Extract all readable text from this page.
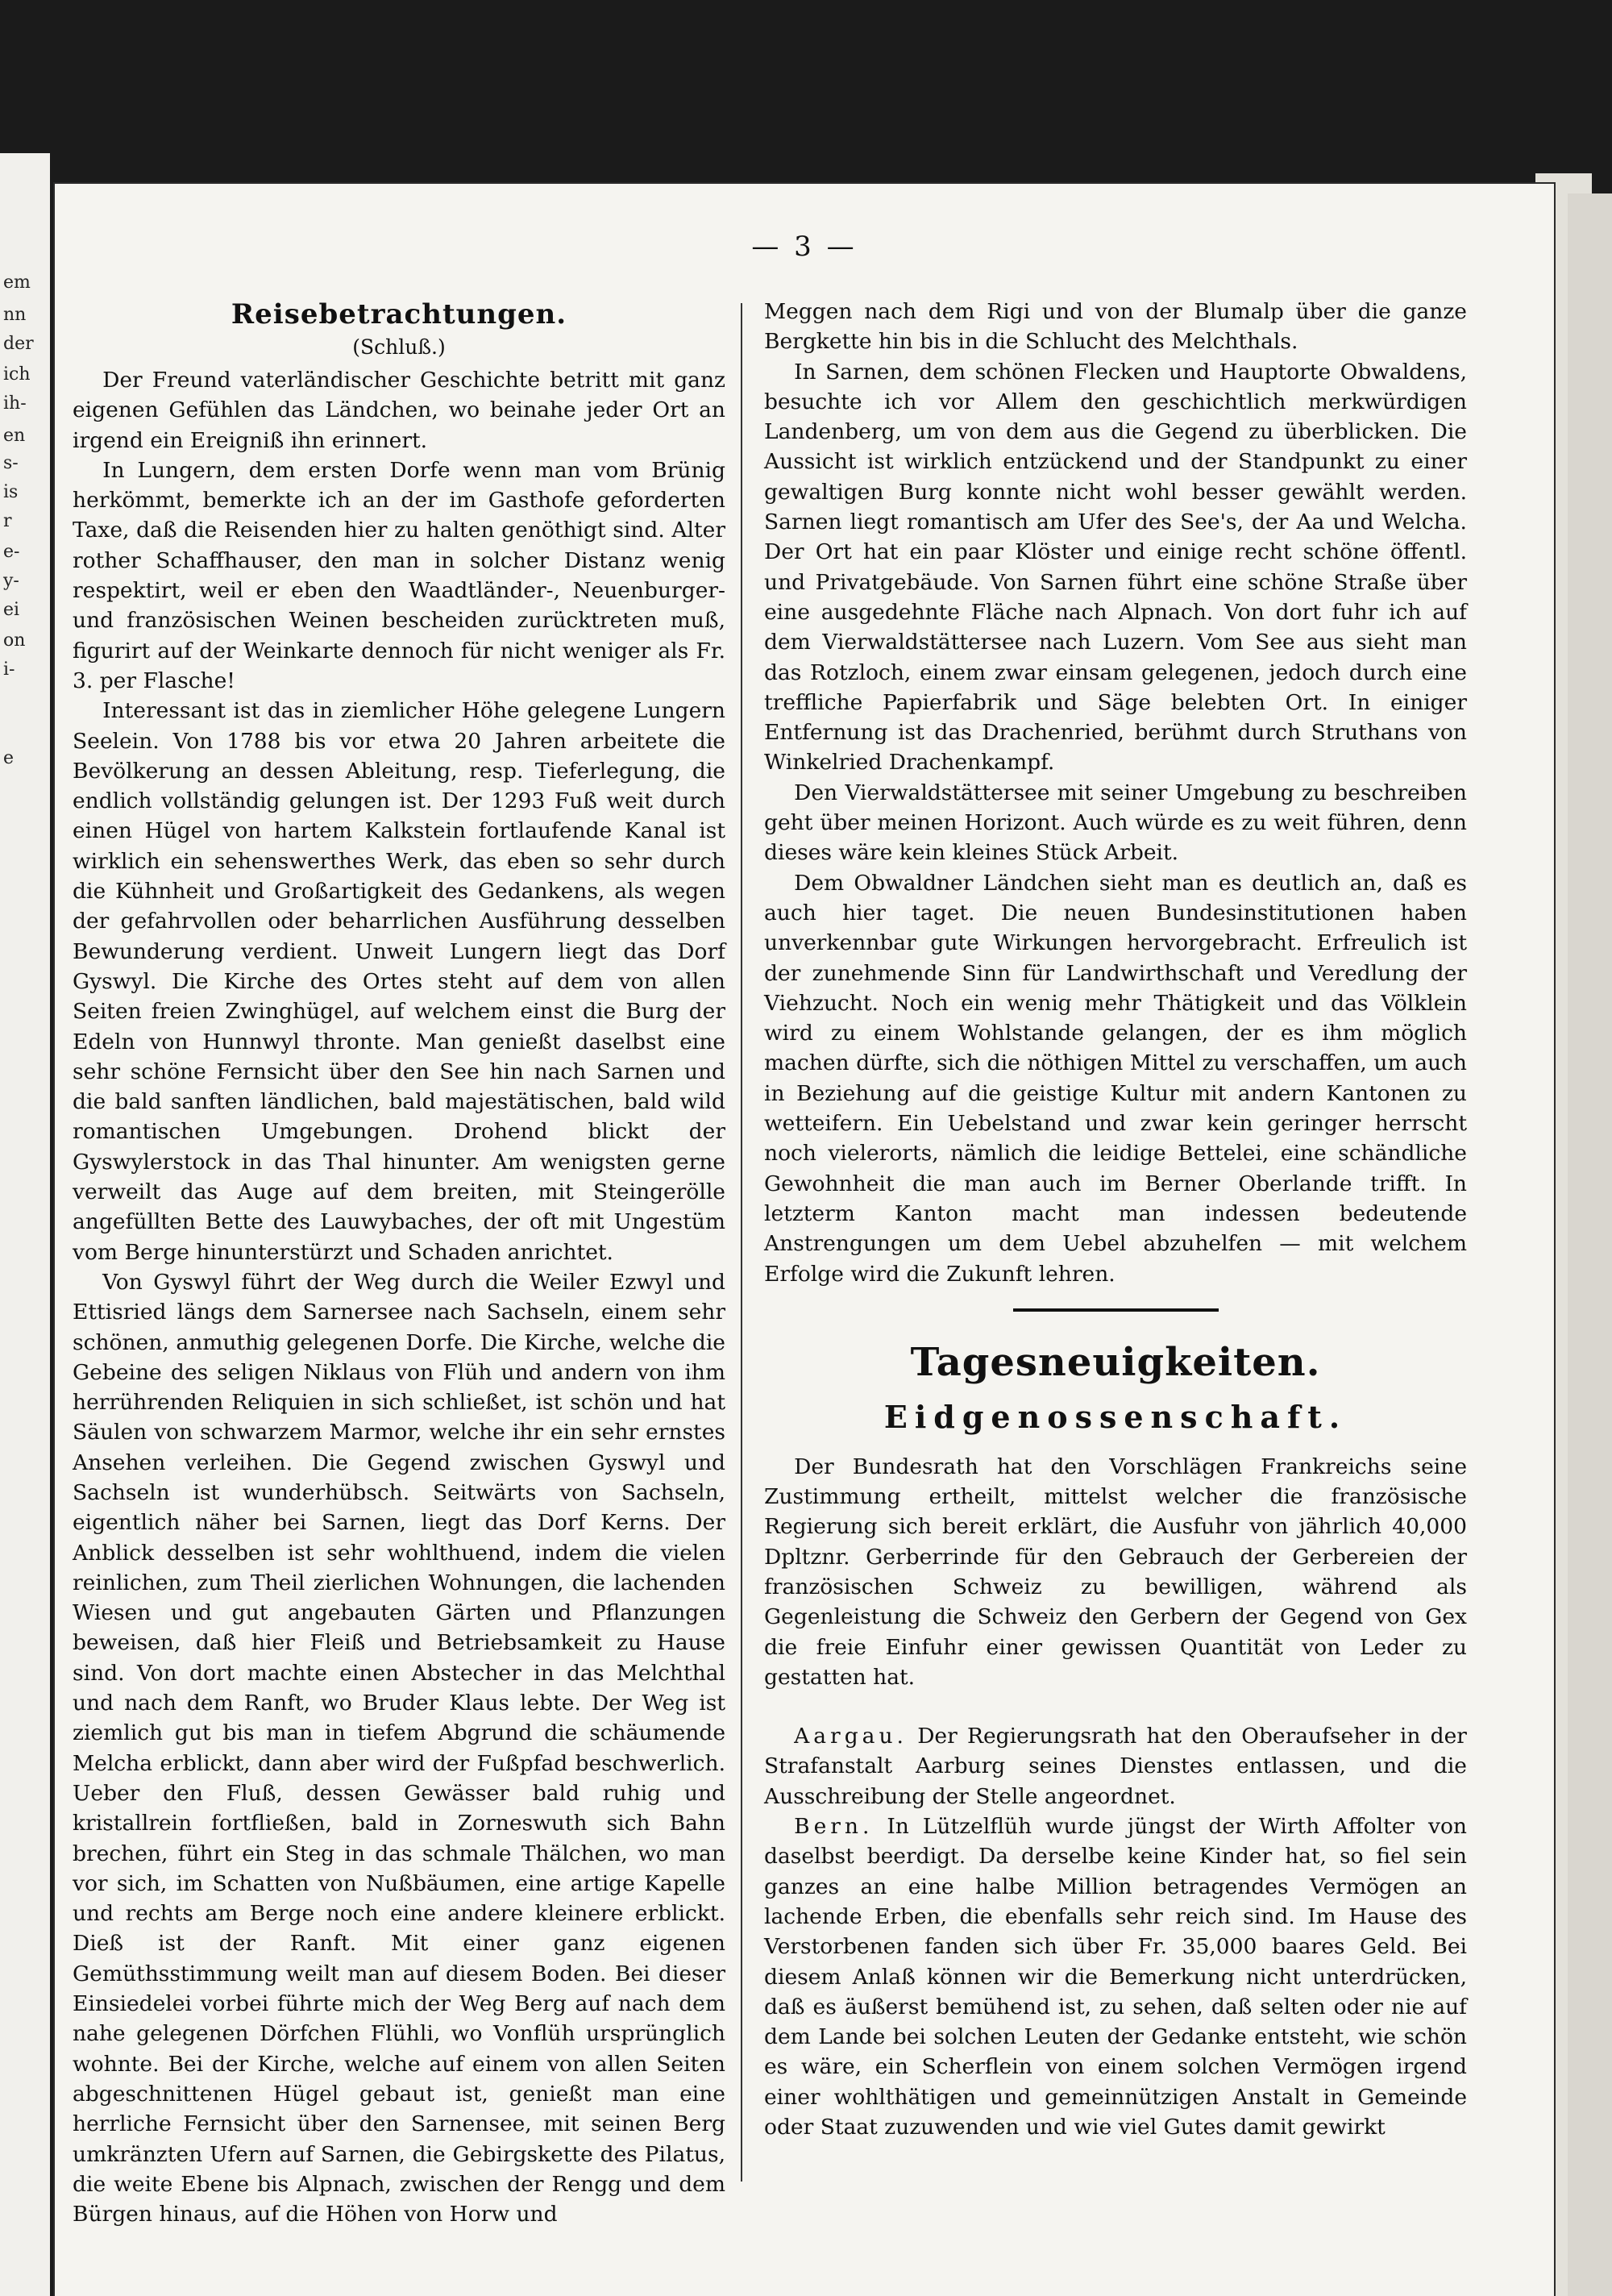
em
nn
der
ich
ih-
en
s-
is
r
e-
y-
ei
on
i-
e
— 3 —

Reisebetrachtungen.

(Schluß.)

Der Freund vaterländischer Geschichte betritt mit ganz eigenen Gefühlen das Ländchen, wo beinahe jeder Ort an irgend ein Ereigniß ihn erinnert.

In Lungern, dem ersten Dorfe wenn man vom Brünig herkömmt, bemerkte ich an der im Gasthofe geforderten Taxe, daß die Reisenden hier zu halten genöthigt sind. Alter rother Schaffhauser, den man in solcher Distanz wenig respektirt, weil er eben den Waadtländer-, Neuenburger- und französischen Weinen bescheiden zurücktreten muß, figurirt auf der Weinkarte dennoch für nicht weniger als Fr. 3. per Flasche!

Interessant ist das in ziemlicher Höhe gelegene Lungern Seelein. Von 1788 bis vor etwa 20 Jahren arbeitete die Bevölkerung an dessen Ableitung, resp. Tieferlegung, die endlich vollständig gelungen ist. Der 1293 Fuß weit durch einen Hügel von hartem Kalkstein fortlaufende Kanal ist wirklich ein sehenswerthes Werk, das eben so sehr durch die Kühnheit und Großartigkeit des Gedankens, als wegen der gefahrvollen oder beharrlichen Ausführung desselben Bewunderung verdient. Unweit Lungern liegt das Dorf Gyswyl. Die Kirche des Ortes steht auf dem von allen Seiten freien Zwinghügel, auf welchem einst die Burg der Edeln von Hunnwyl thronte. Man genießt daselbst eine sehr schöne Fernsicht über den See hin nach Sarnen und die bald sanften ländlichen, bald majestätischen, bald wild romantischen Umgebungen. Drohend blickt der Gyswylerstock in das Thal hinunter. Am wenigsten gerne verweilt das Auge auf dem breiten, mit Steingerölle angefüllten Bette des Lauwybaches, der oft mit Ungestüm vom Berge hinunterstürzt und Schaden anrichtet.

Von Gyswyl führt der Weg durch die Weiler Ezwyl und Ettisried längs dem Sarnersee nach Sachseln, einem sehr schönen, anmuthig gelegenen Dorfe. Die Kirche, welche die Gebeine des seligen Niklaus von Flüh und andern von ihm herrührenden Reliquien in sich schließet, ist schön und hat Säulen von schwarzem Marmor, welche ihr ein sehr ernstes Ansehen verleihen. Die Gegend zwischen Gyswyl und Sachseln ist wunderhübsch. Seitwärts von Sachseln, eigentlich näher bei Sarnen, liegt das Dorf Kerns. Der Anblick desselben ist sehr wohlthuend, indem die vielen reinlichen, zum Theil zierlichen Wohnungen, die lachenden Wiesen und gut angebauten Gärten und Pflanzungen beweisen, daß hier Fleiß und Betriebsamkeit zu Hause sind. Von dort machte einen Abstecher in das Melchthal und nach dem Ranft, wo Bruder Klaus lebte. Der Weg ist ziemlich gut bis man in tiefem Abgrund die schäumende Melcha erblickt, dann aber wird der Fußpfad beschwerlich. Ueber den Fluß, dessen Gewässer bald ruhig und kristallrein fortfließen, bald in Zorneswuth sich Bahn brechen, führt ein Steg in das schmale Thälchen, wo man vor sich, im Schatten von Nußbäumen, eine artige Kapelle und rechts am Berge noch eine andere kleinere erblickt. Dieß ist der Ranft. Mit einer ganz eigenen Gemüthsstimmung weilt man auf diesem Boden. Bei dieser Einsiedelei vorbei führte mich der Weg Berg auf nach dem nahe gelegenen Dörfchen Flühli, wo Vonflüh ursprünglich wohnte. Bei der Kirche, welche auf einem von allen Seiten abgeschnittenen Hügel gebaut ist, genießt man eine herrliche Fernsicht über den Sarnensee, mit seinen Berg umkränzten Ufern auf Sarnen, die Gebirgskette des Pilatus, die weite Ebene bis Alpnach, zwischen der Rengg und dem Bürgen hinaus, auf die Höhen von Horw und

Meggen nach dem Rigi und von der Blumalp über die ganze Bergkette hin bis in die Schlucht des Melchthals.

In Sarnen, dem schönen Flecken und Hauptorte Obwaldens, besuchte ich vor Allem den geschichtlich merkwürdigen Landenberg, um von dem aus die Gegend zu überblicken. Die Aussicht ist wirklich entzückend und der Standpunkt zu einer gewaltigen Burg konnte nicht wohl besser gewählt werden. Sarnen liegt romantisch am Ufer des See's, der Aa und Welcha. Der Ort hat ein paar Klöster und einige recht schöne öffentl. und Privatgebäude. Von Sarnen führt eine schöne Straße über eine ausgedehnte Fläche nach Alpnach. Von dort fuhr ich auf dem Vierwaldstättersee nach Luzern. Vom See aus sieht man das Rotzloch, einem zwar einsam gelegenen, jedoch durch eine treffliche Papierfabrik und Säge belebten Ort. In einiger Entfernung ist das Drachenried, berühmt durch Struthans von Winkelried Drachenkampf.

Den Vierwaldstättersee mit seiner Umgebung zu beschreiben geht über meinen Horizont. Auch würde es zu weit führen, denn dieses wäre kein kleines Stück Arbeit.

Dem Obwaldner Ländchen sieht man es deutlich an, daß es auch hier taget. Die neuen Bundesinstitutionen haben unverkennbar gute Wirkungen hervorgebracht. Erfreulich ist der zunehmende Sinn für Landwirthschaft und Veredlung der Viehzucht. Noch ein wenig mehr Thätigkeit und das Völklein wird zu einem Wohlstande gelangen, der es ihm möglich machen dürfte, sich die nöthigen Mittel zu verschaffen, um auch in Beziehung auf die geistige Kultur mit andern Kantonen zu wetteifern. Ein Uebelstand und zwar kein geringer herrscht noch vielerorts, nämlich die leidige Bettelei, eine schändliche Gewohnheit die man auch im Berner Oberlande trifft. In letzterm Kanton macht man indessen bedeutende Anstrengungen um dem Uebel abzuhelfen — mit welchem Erfolge wird die Zukunft lehren.

Tagesneuigkeiten.

Eidgenossenschaft.

Der Bundesrath hat den Vorschlägen Frankreichs seine Zustimmung ertheilt, mittelst welcher die französische Regierung sich bereit erklärt, die Ausfuhr von jährlich 40,000 Dpltznr. Gerberrinde für den Gebrauch der Gerbereien der französischen Schweiz zu bewilligen, während als Gegenleistung die Schweiz den Gerbern der Gegend von Gex die freie Einfuhr einer gewissen Quantität von Leder zu gestatten hat.

Aargau. Der Regierungsrath hat den Oberaufseher in der Strafanstalt Aarburg seines Dienstes entlassen, und die Ausschreibung der Stelle angeordnet.

Bern. In Lützelflüh wurde jüngst der Wirth Affolter von daselbst beerdigt. Da derselbe keine Kinder hat, so fiel sein ganzes an eine halbe Million betragendes Vermögen an lachende Erben, die ebenfalls sehr reich sind. Im Hause des Verstorbenen fanden sich über Fr. 35,000 baares Geld. Bei diesem Anlaß können wir die Bemerkung nicht unterdrücken, daß es äußerst bemühend ist, zu sehen, daß selten oder nie auf dem Lande bei solchen Leuten der Gedanke entsteht, wie schön es wäre, ein Scherflein von einem solchen Vermögen irgend einer wohlthätigen und gemeinnützigen Anstalt in Gemeinde oder Staat zuzuwenden und wie viel Gutes damit gewirkt
